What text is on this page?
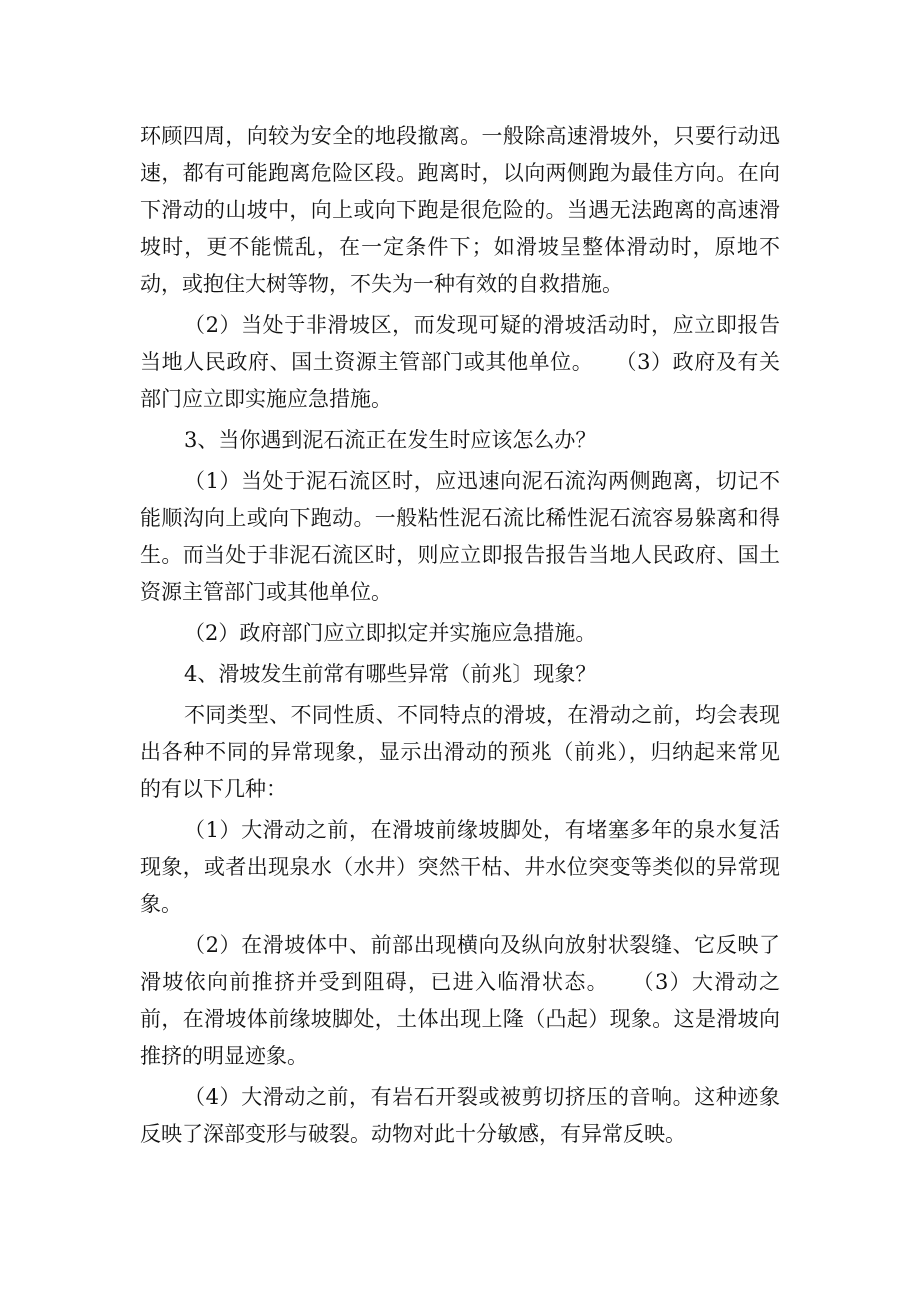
环顾四周，向较为安全的地段撤离。一般除高速滑坡外，只要行动迅速，都有可能跑离危险区段。跑离时，以向两侧跑为最佳方向。在向下滑动的山坡中，向上或向下跑是很危险的。当遇无法跑离的高速滑坡时，更不能慌乱，在一定条件下；如滑坡呈整体滑动时，原地不动，或抱住大树等物，不失为一种有效的自救措施。

（2）当处于非滑坡区，而发现可疑的滑坡活动时，应立即报告当地人民政府、国土资源主管部门或其他单位。　　（3）政府及有关部门应立即实施应急措施。

3、当你遇到泥石流正在发生时应该怎么办？

（1）当处于泥石流区时，应迅速向泥石流沟两侧跑离，切记不能顺沟向上或向下跑动。一般粘性泥石流比稀性泥石流容易躲离和得生。而当处于非泥石流区时，则应立即报告报告当地人民政府、国土资源主管部门或其他单位。

（2）政府部门应立即拟定并实施应急措施。

4、滑坡发生前常有哪些异常（前兆〕现象？

不同类型、不同性质、不同特点的滑坡，在滑动之前，均会表现出各种不同的异常现象，显示出滑动的预兆（前兆），归纳起来常见的有以下几种：

（1）大滑动之前，在滑坡前缘坡脚处，有堵塞多年的泉水复活现象，或者出现泉水（水井）突然干枯、井水位突变等类似的异常现象。

（2）在滑坡体中、前部出现横向及纵向放射状裂缝、它反映了滑坡依向前推挤并受到阻碍，已进入临滑状态。　　（3）大滑动之前，在滑坡体前缘坡脚处，土体出现上隆（凸起）现象。这是滑坡向推挤的明显迹象。

（4）大滑动之前，有岩石开裂或被剪切挤压的音响。这种迹象反映了深部变形与破裂。动物对此十分敏感，有异常反映。
